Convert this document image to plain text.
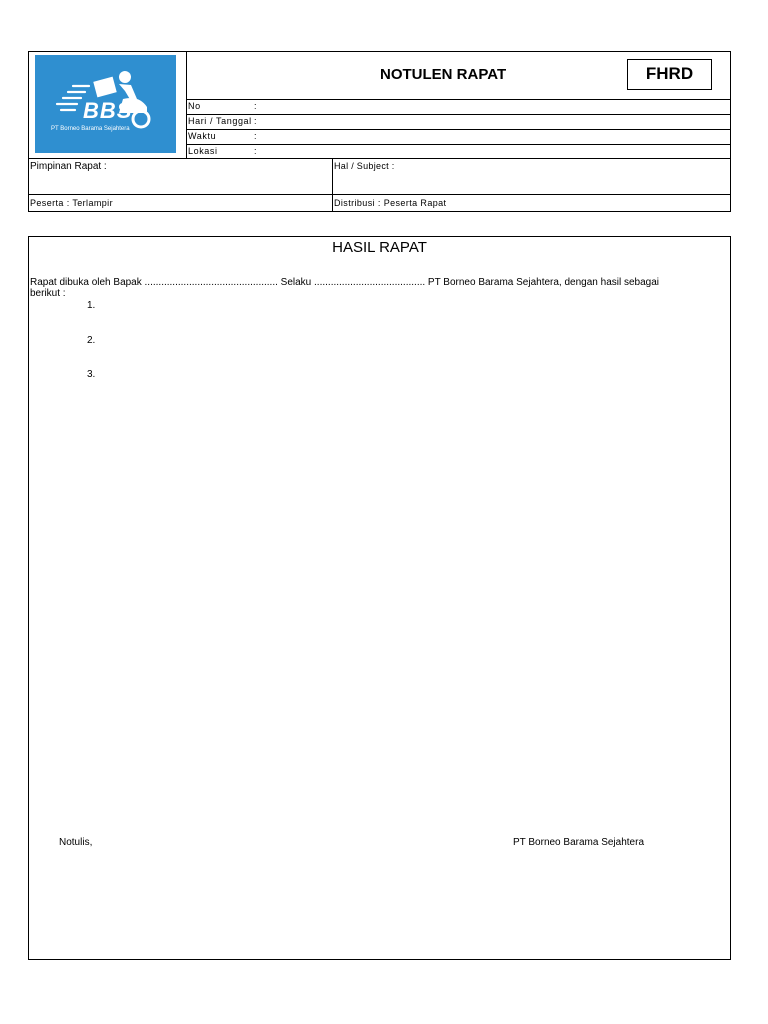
BBS
PT Borneo Barama Sejahtera
NOTULEN RAPAT	FHRD
No	:
Hari / Tanggal :
Waktu	:
Lokasi	:
Pimpinan Rapat :	Hal / Subject :
Peserta : Terlampir	Distribusi : Peserta Rapat
HASIL RAPAT
Rapat dibuka oleh Bapak ................................................ Selaku ........................................ PT Borneo Barama Sejahtera, dengan hasil sebagai
berikut :
1.
2.
3.
Notulis,	PT Borneo Barama Sejahtera
